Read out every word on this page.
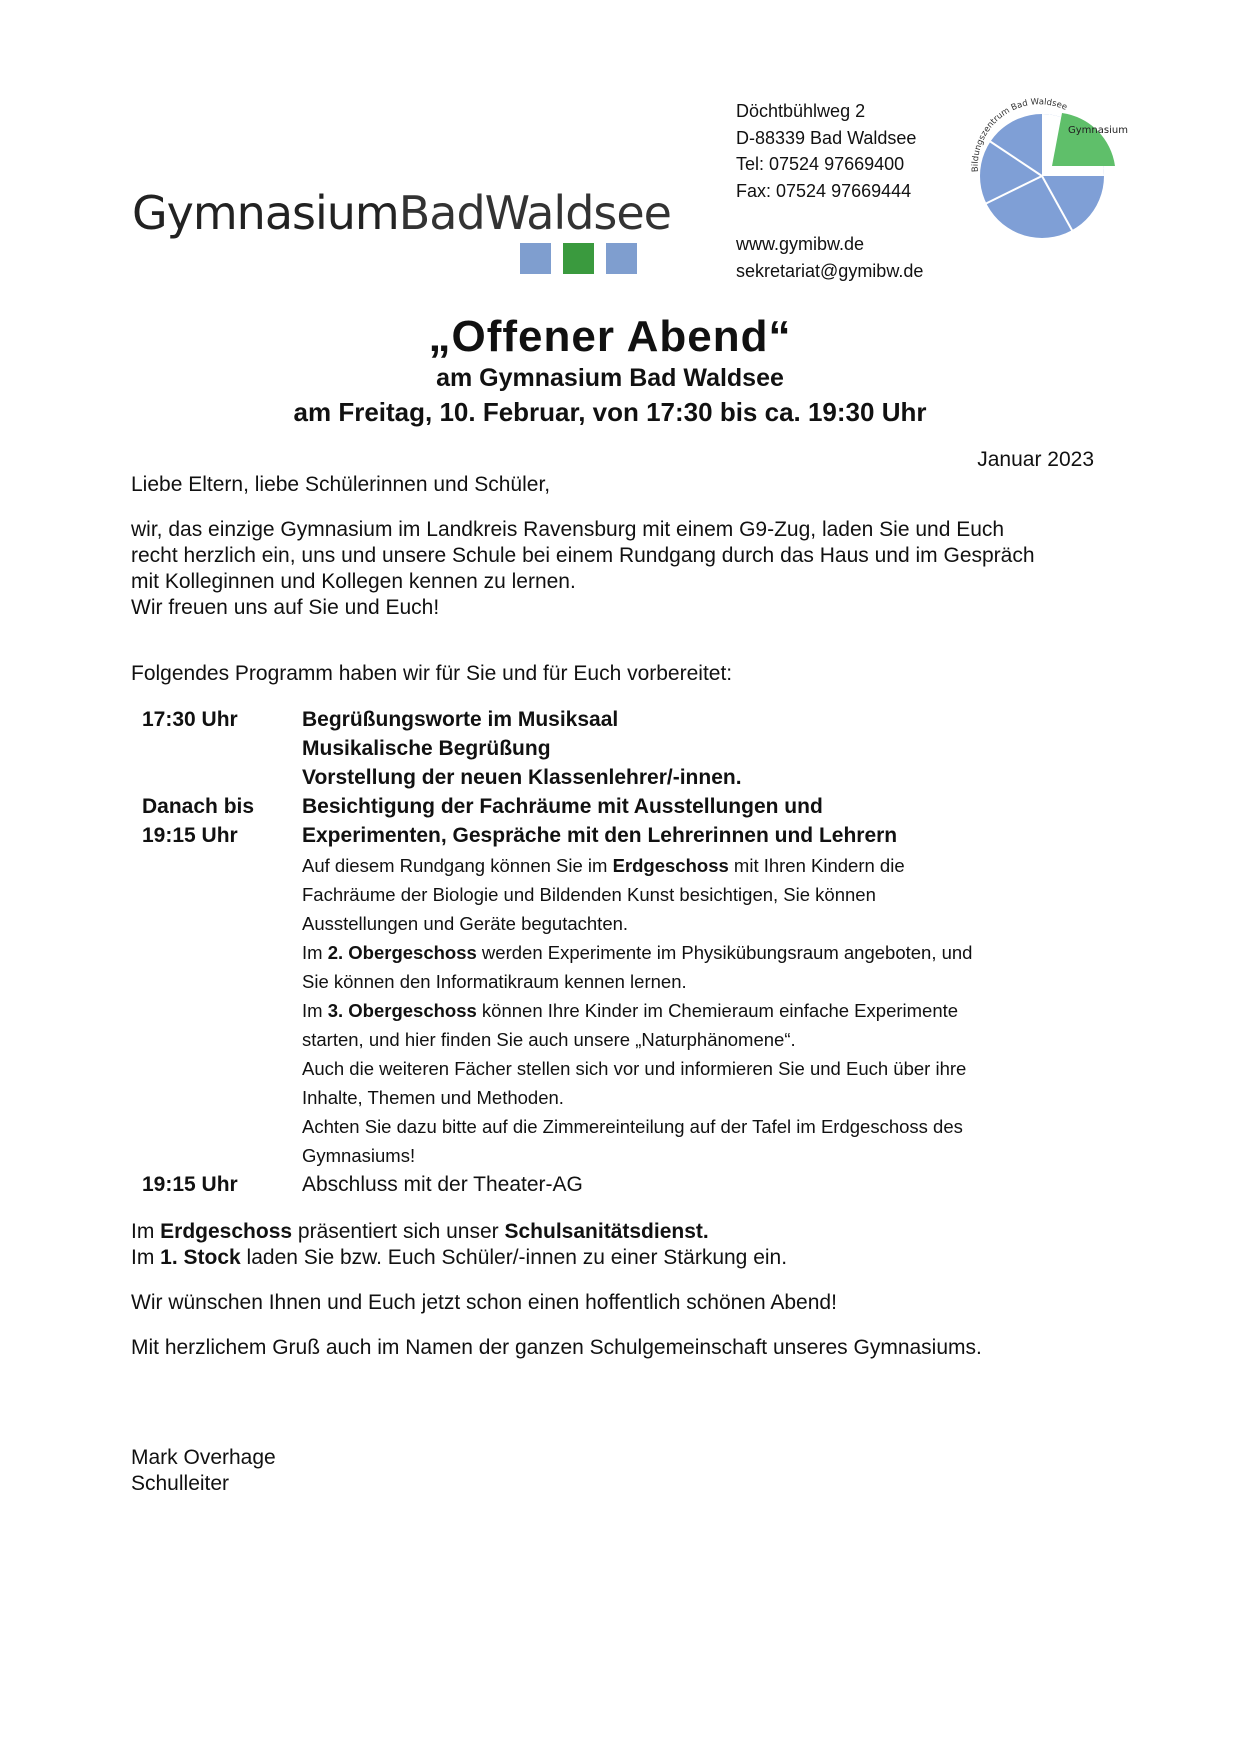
GymnasiumBadWaldsee
Döchtbühlweg 2
D-88339 Bad Waldsee
Tel: 07524 97669400
Fax: 07524 97669444
www.gymibw.de
sekretariat@gymibw.de
Bildungszentrum Bad Waldsee
Gymnasium
„Offener Abend“
am Gymnasium Bad Waldsee
am Freitag, 10. Februar, von 17:30 bis ca. 19:30 Uhr
Januar 2023
Liebe Eltern, liebe Schülerinnen und Schüler,
wir, das einzige Gymnasium im Landkreis Ravensburg mit einem G9-Zug, laden Sie und Euch
recht herzlich ein, uns und unsere Schule bei einem Rundgang durch das Haus und im Gespräch
mit Kolleginnen und Kollegen kennen zu lernen.
Wir freuen uns auf Sie und Euch!
Folgendes Programm haben wir für Sie und für Euch vorbereitet:
17:30 Uhr	Begrüßungsworte im Musiksaal
Musikalische Begrüßung
Vorstellung der neuen Klassenlehrer/-innen.
Danach bis
19:15 Uhr
Besichtigung der Fachräume mit Ausstellungen und
Experimenten, Gespräche mit den Lehrerinnen und Lehrern
Auf diesem Rundgang können Sie im Erdgeschoss mit Ihren Kindern die
Fachräume der Biologie und Bildenden Kunst besichtigen, Sie können
Ausstellungen und Geräte begutachten.
Im 2. Obergeschoss werden Experimente im Physikübungsraum angeboten, und
Sie können den Informatikraum kennen lernen.
Im 3. Obergeschoss können Ihre Kinder im Chemieraum einfache Experimente
starten, und hier finden Sie auch unsere „Naturphänomene“.
Auch die weiteren Fächer stellen sich vor und informieren Sie und Euch über ihre
Inhalte, Themen und Methoden.
Achten Sie dazu bitte auf die Zimmereinteilung auf der Tafel im Erdgeschoss des
Gymnasiums!
19:15 Uhr	Abschluss mit der Theater-AG
Im Erdgeschoss präsentiert sich unser Schulsanitätsdienst.
Im 1. Stock laden Sie bzw. Euch Schüler/-innen zu einer Stärkung ein.
Wir wünschen Ihnen und Euch jetzt schon einen hoffentlich schönen Abend!
Mit herzlichem Gruß auch im Namen der ganzen Schulgemeinschaft unseres Gymnasiums.
Mark Overhage
Schulleiter
